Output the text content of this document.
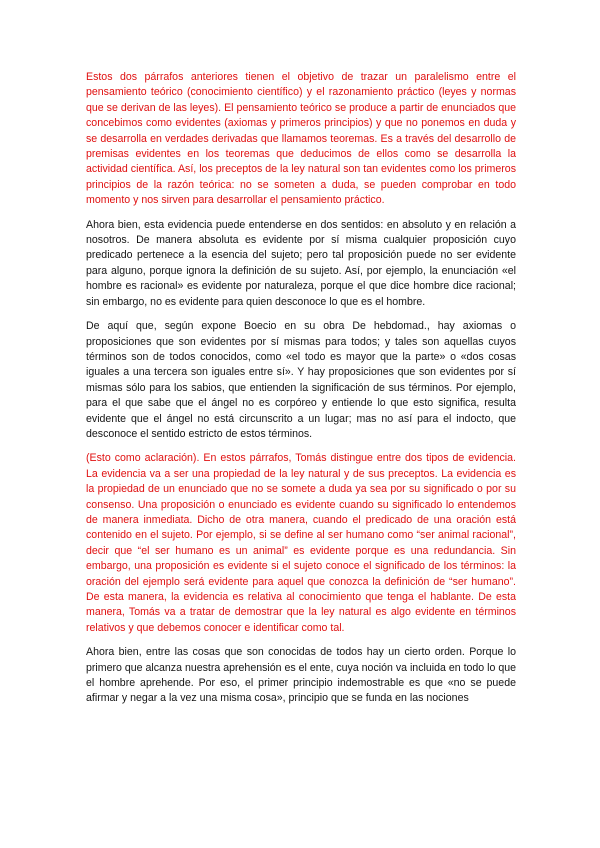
Estos dos párrafos anteriores tienen el objetivo de trazar un paralelismo entre el pensamiento teórico (conocimiento científico) y el razonamiento práctico (leyes y normas que se derivan de las leyes). El pensamiento teórico se produce a partir de enunciados que concebimos como evidentes (axiomas y primeros principios) y que no ponemos en duda y se desarrolla en verdades derivadas que llamamos teoremas. Es a través del desarrollo de premisas evidentes en los teoremas que deducimos de ellos como se desarrolla la actividad científica. Así, los preceptos de la ley natural son tan evidentes como los primeros principios de la razón teórica: no se someten a duda, se pueden comprobar en todo momento y nos sirven para desarrollar el pensamiento práctico.

Ahora bien, esta evidencia puede entenderse en dos sentidos: en absoluto y en relación a nosotros. De manera absoluta es evidente por sí misma cualquier proposición cuyo predicado pertenece a la esencia del sujeto; pero tal proposición puede no ser evidente para alguno, porque ignora la definición de su sujeto. Así, por ejemplo, la enunciación «el hombre es racional» es evidente por naturaleza, porque el que dice hombre dice racional; sin embargo, no es evidente para quien desconoce lo que es el hombre.

De aquí que, según expone Boecio en su obra De hebdomad., hay axiomas o proposiciones que son evidentes por sí mismas para todos; y tales son aquellas cuyos términos son de todos conocidos, como «el todo es mayor que la parte» o «dos cosas iguales a una tercera son iguales entre sí». Y hay proposiciones que son evidentes por sí mismas sólo para los sabios, que entienden la significación de sus términos. Por ejemplo, para el que sabe que el ángel no es corpóreo y entiende lo que esto significa, resulta evidente que el ángel no está circunscrito a un lugar; mas no así para el indocto, que desconoce el sentido estricto de estos términos.

(Esto como aclaración). En estos párrafos, Tomás distingue entre dos tipos de evidencia. La evidencia va a ser una propiedad de la ley natural y de sus preceptos. La evidencia es la propiedad de un enunciado que no se somete a duda ya sea por su significado o por su consenso. Una proposición o enunciado es evidente cuando su significado lo entendemos de manera inmediata. Dicho de otra manera, cuando el predicado de una oración está contenido en el sujeto. Por ejemplo, si se define al ser humano como “ser animal racional”, decir que “el ser humano es un animal” es evidente porque es una redundancia. Sin embargo, una proposición es evidente si el sujeto conoce el significado de los términos: la oración del ejemplo será evidente para aquel que conozca la definición de “ser humano”. De esta manera, la evidencia es relativa al conocimiento que tenga el hablante. De esta manera, Tomás va a tratar de demostrar que la ley natural es algo evidente en términos relativos y que debemos conocer e identificar como tal.

Ahora bien, entre las cosas que son conocidas de todos hay un cierto orden. Porque lo primero que alcanza nuestra aprehensión es el ente, cuya noción va incluida en todo lo que el hombre aprehende. Por eso, el primer principio indemostrable es que «no se puede afirmar y negar a la vez una misma cosa», principio que se funda en las nociones
